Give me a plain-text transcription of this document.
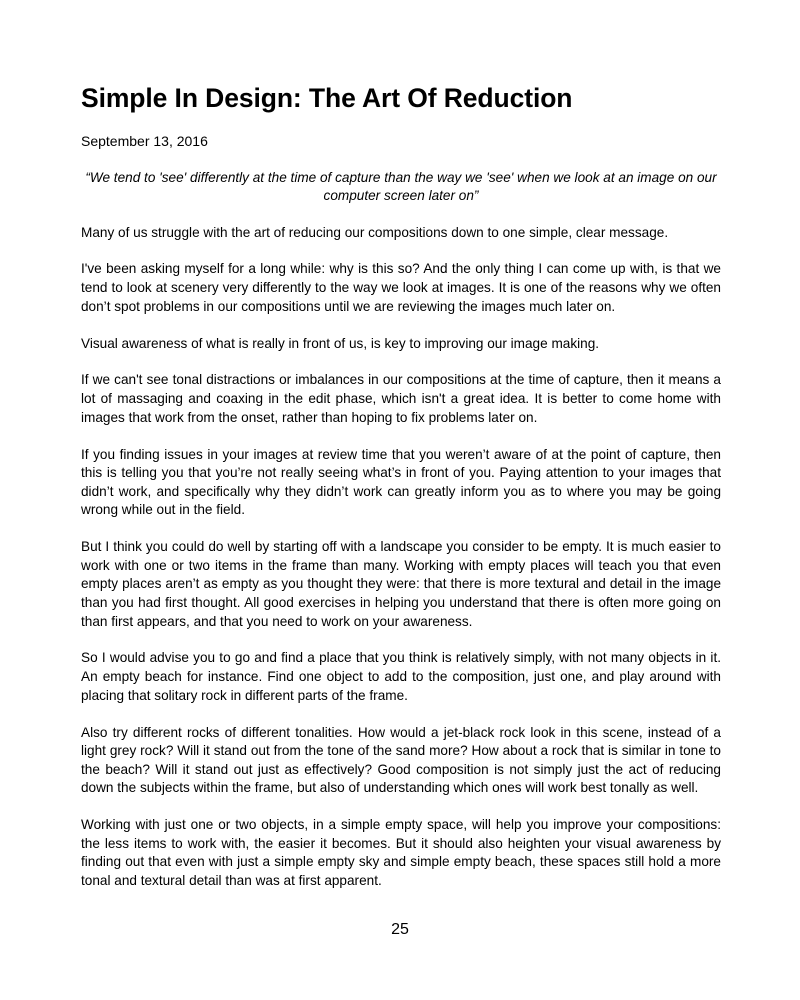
Simple In Design: The Art Of Reduction

September 13, 2016

“We tend to 'see' differently at the time of capture than the way we 'see' when we look at an image on our computer screen later on”

Many of us struggle with the art of reducing our compositions down to one simple, clear message.

I've been asking myself for a long while: why is this so? And the only thing I can come up with, is that we tend to look at scenery very differently to the way we look at images. It is one of the reasons why we often don’t spot problems in our compositions until we are reviewing the images much later on.

Visual awareness of what is really in front of us, is key to improving our image making.

If we can't see tonal distractions or imbalances in our compositions at the time of capture, then it means a lot of massaging and coaxing in the edit phase, which isn't a great idea. It is better to come home with images that work from the onset, rather than hoping to fix problems later on.

If you finding issues in your images at review time that you weren’t aware of at the point of capture, then this is telling you that you’re not really seeing what’s in front of you. Paying attention to your images that didn’t work, and specifically why they didn’t work can greatly inform you as to where you may be going wrong while out in the field.

But I think you could do well by starting off with a landscape you consider to be empty. It is much easier to work with one or two items in the frame than many. Working with empty places will teach you that even empty places aren’t as empty as you thought they were: that there is more textural and detail in the image than you had first thought. All good exercises in helping you understand that there is often more going on than first appears, and that you need to work on your awareness.

So I would advise you to go and find a place that you think is relatively simply, with not many objects in it. An empty beach for instance. Find one object to add to the composition, just one, and play around with placing that solitary rock in different parts of the frame.

Also try different rocks of different tonalities. How would a jet-black rock look in this scene, instead of a light grey rock? Will it stand out from the tone of the sand more? How about a rock that is similar in tone to the beach? Will it stand out just as effectively? Good composition is not simply just the act of reducing down the subjects within the frame, but also of understanding which ones will work best tonally as well.

Working with just one or two objects, in a simple empty space, will help you improve your compositions: the less items to work with, the easier it becomes. But it should also heighten your visual awareness by finding out that even with just a simple empty sky and simple empty beach, these spaces still hold a more tonal and textural detail than was at first apparent.

25
